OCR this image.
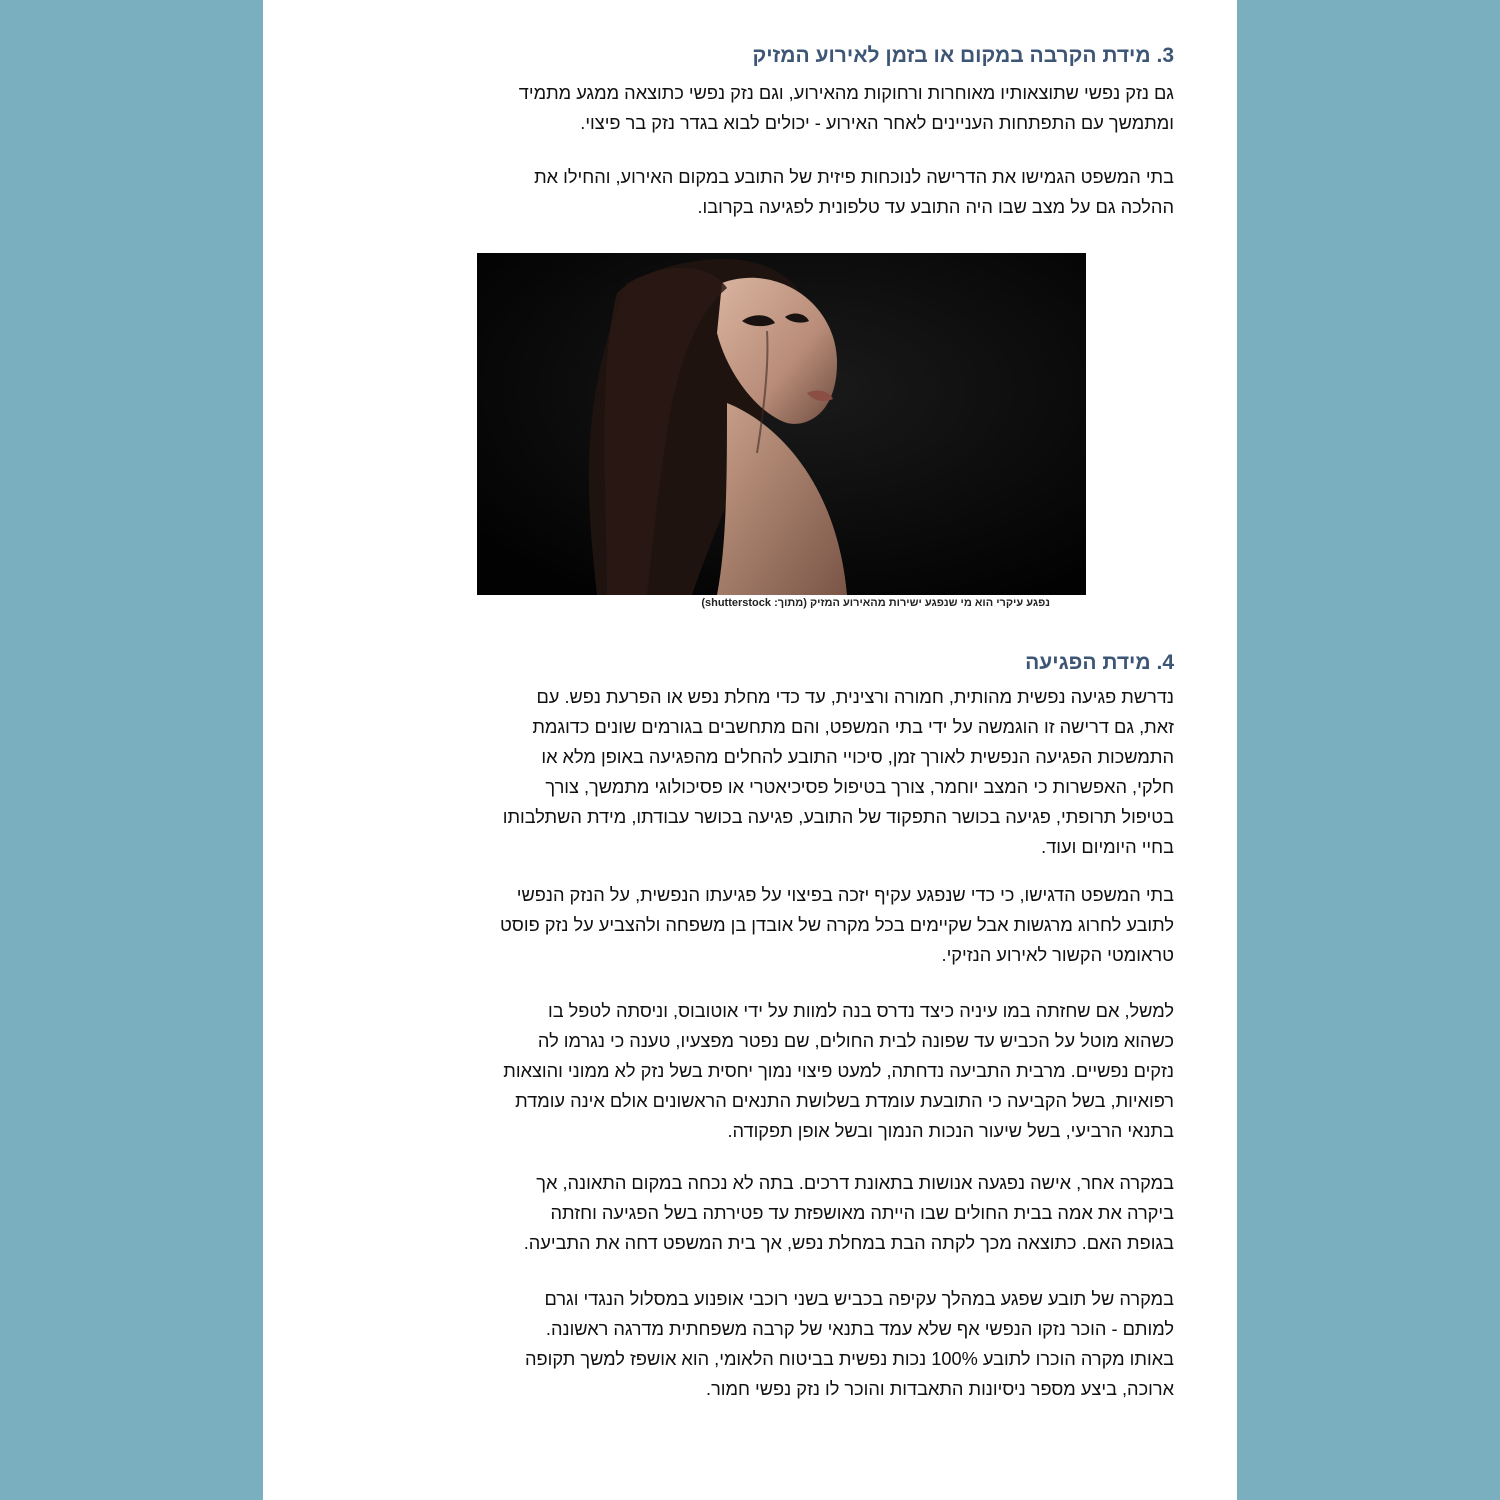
3. מידת הקרבה במקום או בזמן לאירוע המזיק
גם נזק נפשי שתוצאותיו מאוחרות ורחוקות מהאירוע, וגם נזק נפשי כתוצאה ממגע מתמיד
ומתמשך עם התפתחות העניינים לאחר האירוע - יכולים לבוא בגדר נזק בר פיצוי.
בתי המשפט הגמישו את הדרישה לנוכחות פיזית של התובע במקום האירוע, והחילו את
ההלכה גם על מצב שבו היה התובע עד טלפונית לפגיעה בקרובו.
נפגע עיקרי הוא מי שנפגע ישירות מהאירוע המזיק (מתוך: shutterstock)
4. מידת הפגיעה
נדרשת פגיעה נפשית מהותית, חמורה ורצינית, עד כדי מחלת נפש או הפרעת נפש. עם
זאת, גם דרישה זו הוגמשה על ידי בתי המשפט, והם מתחשבים בגורמים שונים כדוגמת
התמשכות הפגיעה הנפשית לאורך זמן, סיכויי התובע להחלים מהפגיעה באופן מלא או
חלקי, האפשרות כי המצב יוחמר, צורך בטיפול פסיכיאטרי או פסיכולוגי מתמשך, צורך
בטיפול תרופתי, פגיעה בכושר התפקוד של התובע, פגיעה בכושר עבודתו, מידת השתלבותו
בחיי היומיום ועוד.
בתי המשפט הדגישו, כי כדי שנפגע עקיף יזכה בפיצוי על פגיעתו הנפשית, על הנזק הנפשי
לתובע לחרוג מרגשות אבל שקיימים בכל מקרה של אובדן בן משפחה ולהצביע על נזק פוסט
טראומטי הקשור לאירוע הנזיקי.
למשל, אם שחזתה במו עיניה כיצד נדרס בנה למוות על ידי אוטובוס, וניסתה לטפל בו
כשהוא מוטל על הכביש עד שפונה לבית החולים, שם נפטר מפצעיו, טענה כי נגרמו לה
נזקים נפשיים. מרבית התביעה נדחתה, למעט פיצוי נמוך יחסית בשל נזק לא ממוני והוצאות
רפואיות, בשל הקביעה כי התובעת עומדת בשלושת התנאים הראשונים אולם אינה עומדת
בתנאי הרביעי, בשל שיעור הנכות הנמוך ובשל אופן תפקודה.
במקרה אחר, אישה נפגעה אנושות בתאונת דרכים. בתה לא נכחה במקום התאונה, אך
ביקרה את אמה בבית החולים שבו הייתה מאושפזת עד פטירתה בשל הפגיעה וחזתה
בגופת האם. כתוצאה מכך לקתה הבת במחלת נפש, אך בית המשפט דחה את התביעה.
במקרה של תובע שפגע במהלך עקיפה בכביש בשני רוכבי אופנוע במסלול הנגדי וגרם
למותם - הוכר נזקו הנפשי אף שלא עמד בתנאי של קרבה משפחתית מדרגה ראשונה.
באותו מקרה הוכרו לתובע 100% נכות נפשית בביטוח הלאומי, הוא אושפז למשך תקופה
ארוכה, ביצע מספר ניסיונות התאבדות והוכר לו נזק נפשי חמור.
